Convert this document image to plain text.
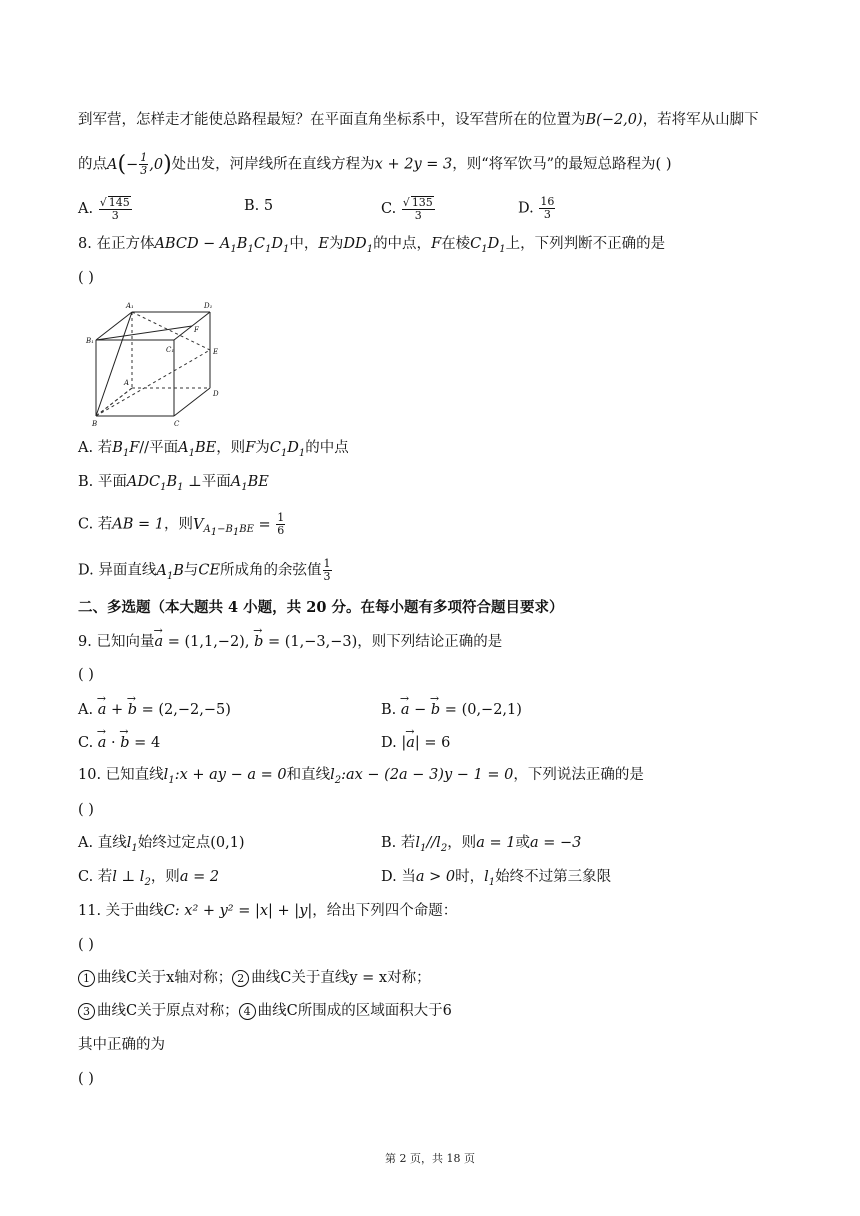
到军营，怎样走才能使总路程最短？在平面直角坐标系中，设军营所在的位置为B(−2,0)，若将军从山脚下
的点$A(- \frac{1}{3} ,0)$处出发，河岸线所在直线方程为x + 2y = 3，则“将军饮马”的最短总路程为( )
A. $\frac{√ 145}{3}$	B. 5	C. $\frac{√ 135}{3}$	D. $\frac{16}{3}$
8. 在正方体ABCD − $A_1B_1C_1D_1$中，E为$DD_1$的中点，F在棱$C_1D_1$上，下列判断不正确的是
( )
A₁	D₁
B₁
C₁
F
E
A
D
B	C
A. 若$B_1F//$平面$A_1BE$，则F为$C_1D_1$的中点
B. 平面$ADC_1B_1$ ⊥平面$A_1BE$
C. 若AB = 1，则$V_{A_1-B_1BE} = \frac{1}{6}$
D. 异面直线$A_1B$与CE所成角的余弦值 $\frac{1}{3}$
二、多选题（本大题共 4 小题，共 20 分。在每小题有多项符合题目要求）
9. 已知向量→ a = (1,1,−2), → b = (1,−3,−3)，则下列结论正确的是
( )
A. → a + → b = (2,−2,−5)	B. → a − → b = (0,−2,1)
C. → a · → b = 4	D. |→ a| = 6
10. 已知直线$l_1:x$ + ay − a = 0和直线$l_2:ax - (2a - 3)y - 1 = 0$，下列说法正确的是
( )
A. 直线$l_1$始终过定点(0,1)	B. 若$l_1//l_2$，则a = 1或a = −3
C. 若l ⊥ $l_2$，则a = 2	D. 当a > 0时，$l_1$始终不过第三象限
11. 关于曲线C: x² + y² = |x| + |y|，给出下列四个命题：
( )
1 曲线C关于x轴对称； 2 曲线C关于直线y = x对称；
3 曲线C关于原点对称； 4 曲线C所围成的区域面积大于6
其中正确的为
( )
第 2 页，共 18 页
